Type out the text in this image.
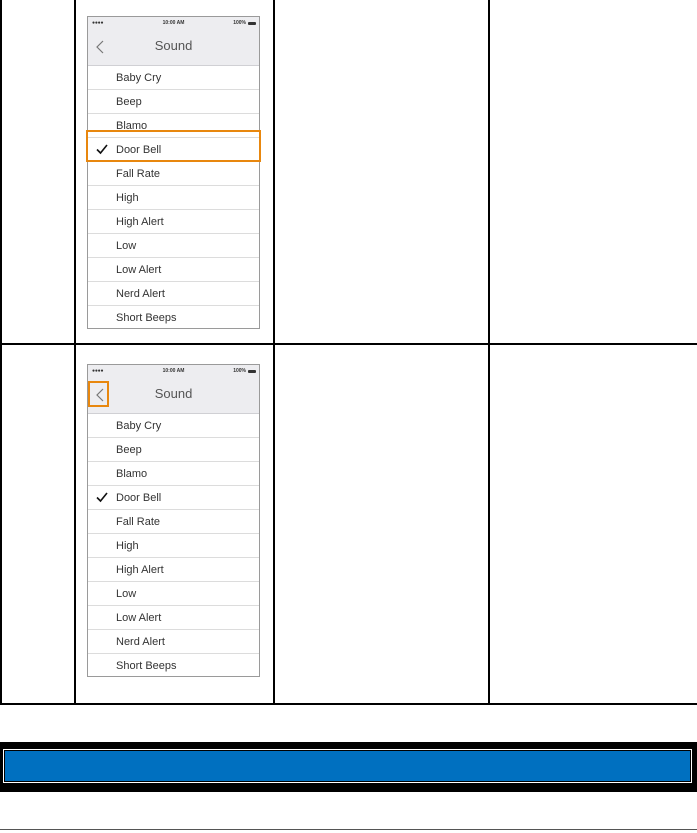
●●●●	10:00 AM	100%
Sound
Baby Cry
Beep
Blamo
Door Bell
Fall Rate
High
High Alert
Low
Low Alert
Nerd Alert
Short Beeps
●●●●	10:00 AM	100%
Sound
Baby Cry
Beep
Blamo
Door Bell
Fall Rate
High
High Alert
Low
Low Alert
Nerd Alert
Short Beeps
